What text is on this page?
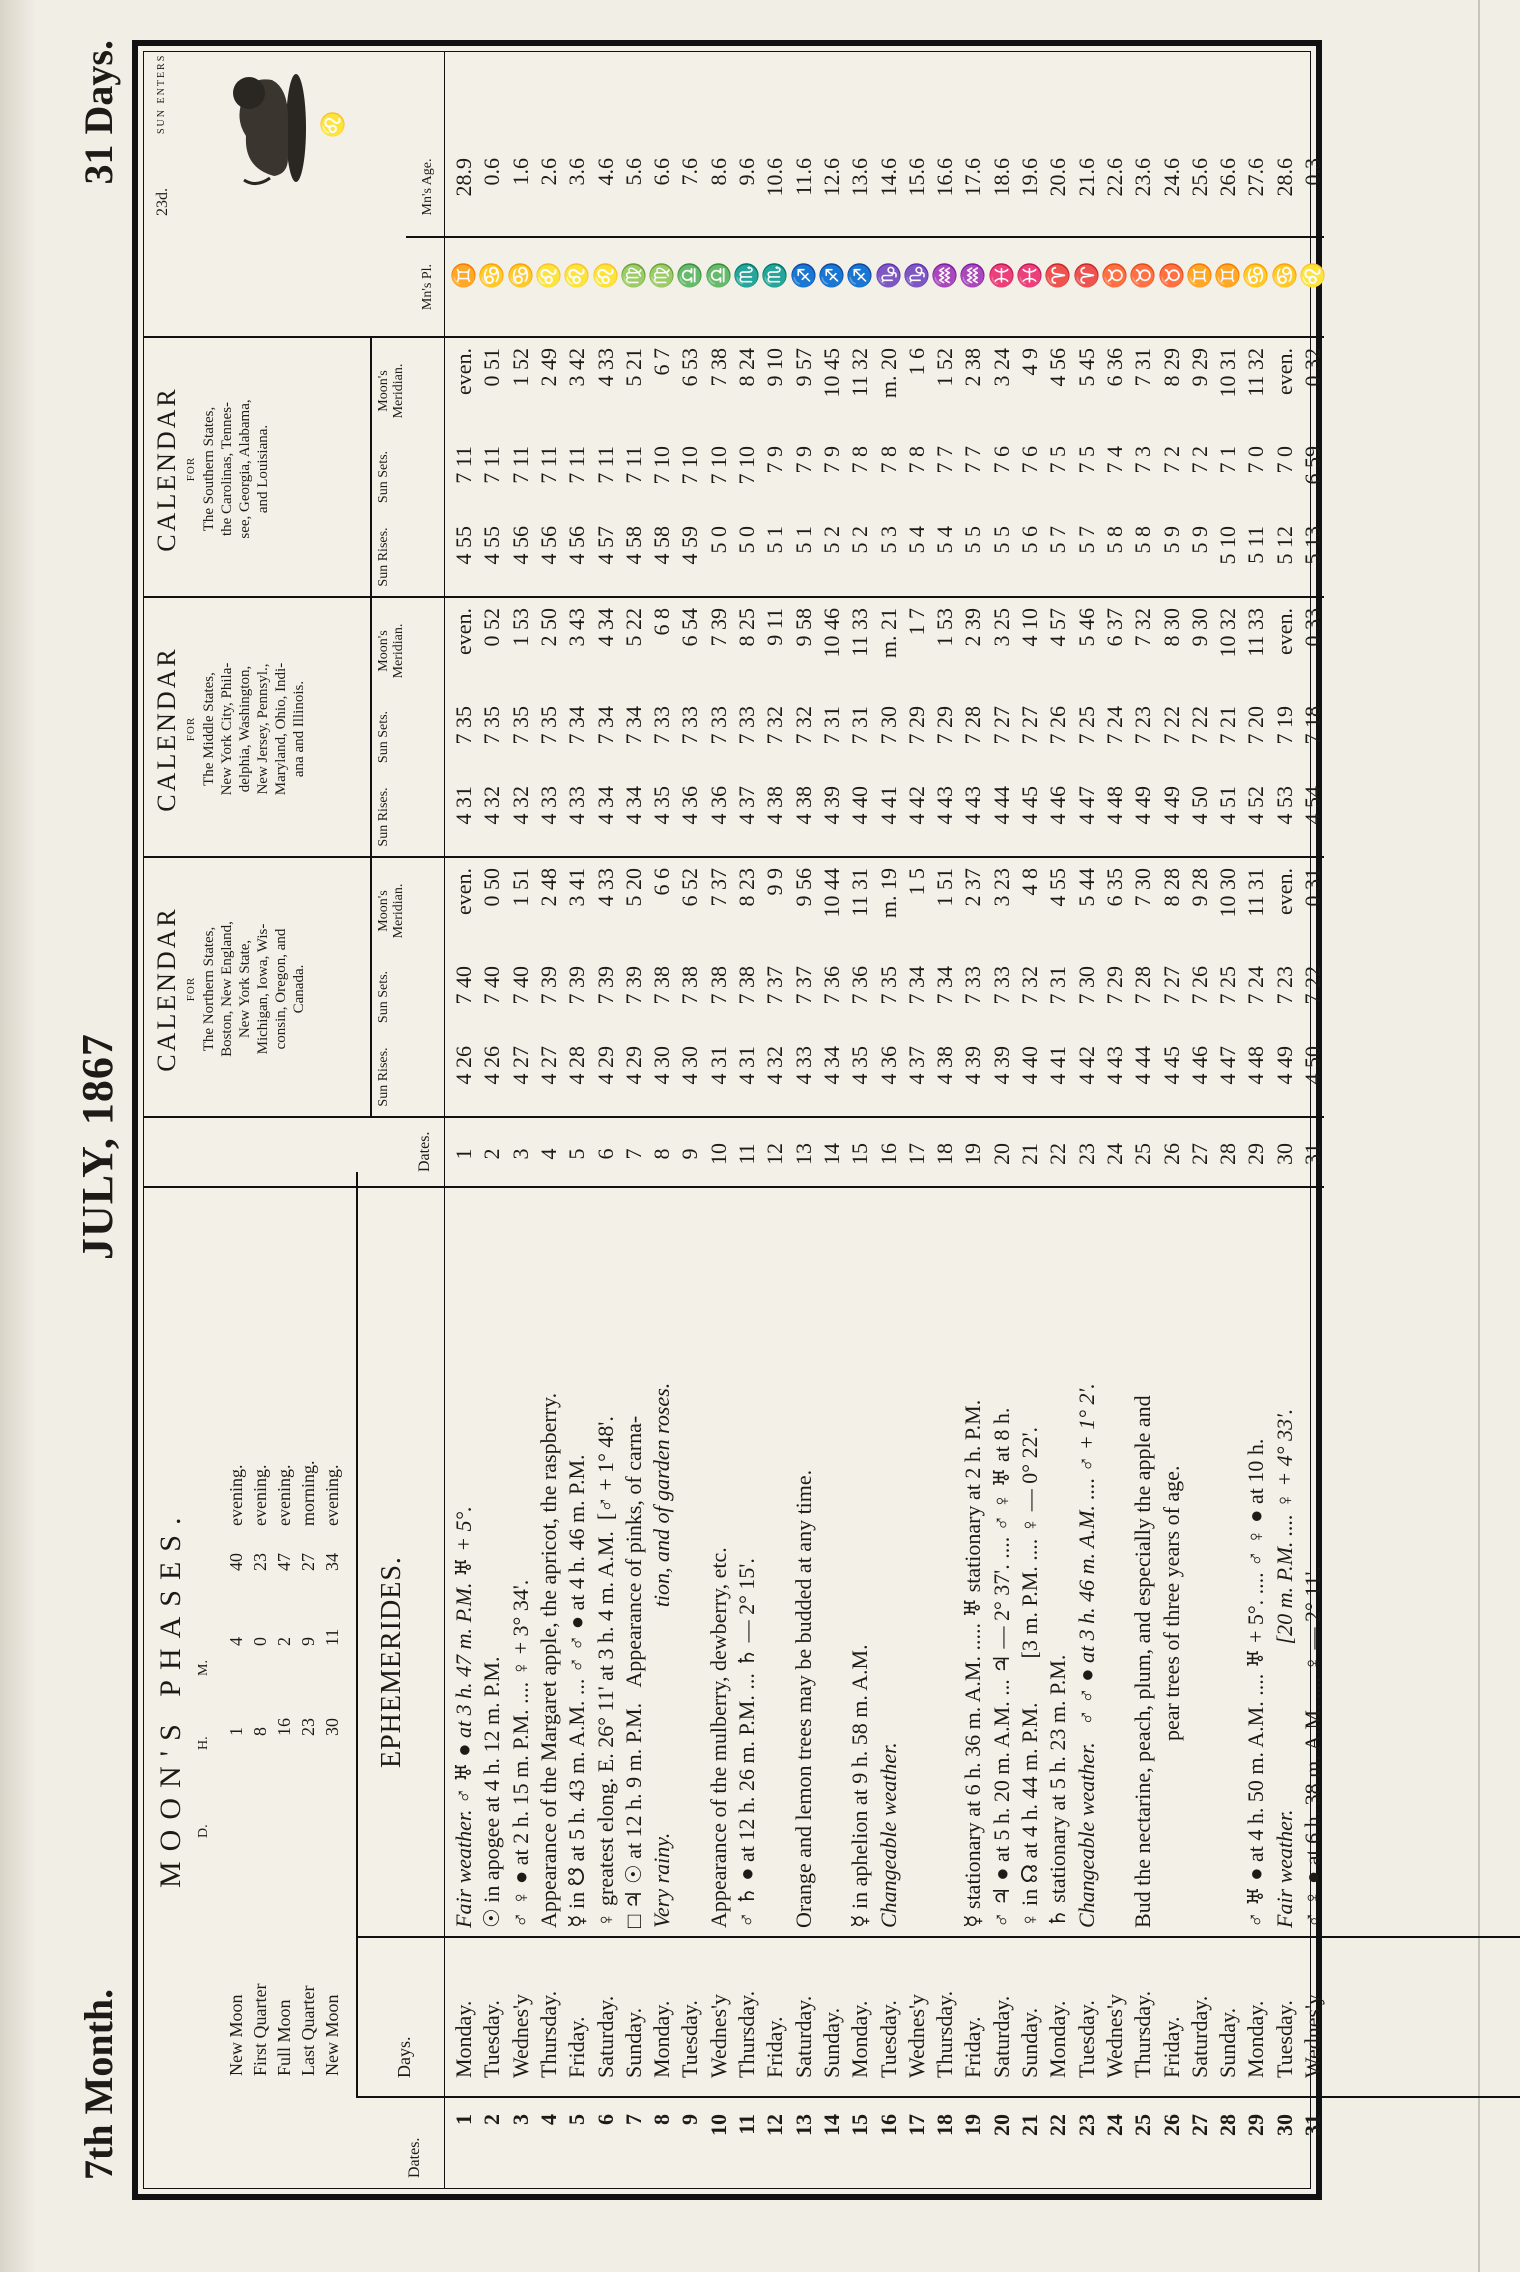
7th Month.
JULY, 1867
31 Days.
MOON'S PHASES. D.
H.
M.
New Moon
1
4
40
evening.
First Quarter
8
0
23
evening.
Full Moon
16
2
47
evening.
Last Quarter
23
9
27
morning.
New Moon
30
11
34
evening.
EPHEMERIDES.
Dates.
Days.
Dates.
CALENDAR FOR The Northern States, Boston, New England, New York State, Michigan, Iowa, Wis- consin, Oregon, and Canada.
CALENDAR FOR The Middle States, New York City, Phila- delphia, Washington, New Jersey, Pennsyl., Maryland, Ohio, Indi- ana and Illinois.
CALENDAR FOR The Southern States, the Carolinas, Tennes- see, Georgia, Alabama, and Louisiana.
Sun Rises.
Sun Sets.
Moon's Meridian.
Sun Rises.
Sun Sets.
Moon's Meridian.
Sun Rises.
Sun Sets.
Moon's Meridian.
Mn's Pl.
Mn's Age.
23d.
SUN ENTERS	♌
1
Monday.
Fair weather. ♂ ♅ ● at 3 h. 47 m. P.M. ♅ + 5°.
1
4 26
7 40
even.
4 31
7 35
even.
4 55
7 11
even.
♊
28.9
2
Tuesday.
☉ in apogee at 4 h. 12 m. P.M.
2
4 26
7 40
0 50
4 32
7 35
0 52
4 55
7 11
0 51
♋
0.6
3
Wednes'y
♂ ♀ ● at 2 h. 15 m. P.M. .... ♀ + 3° 34'.
3
4 27
7 40
1 51
4 32
7 35
1 53
4 56
7 11
1 52
♋
1.6
4
Thursday.
Appearance of the Margaret apple, the apricot, the raspberry.
4
4 27
7 39
2 48
4 33
7 35
2 50
4 56
7 11
2 49
♌
2.6
5
Friday.
☿ in ☋ at 5 h. 43 m. A.M. ... ♂ ♂ ● at 4 h. 46 m. P.M.
5
4 28
7 39
3 41
4 33
7 34
3 43
4 56
7 11
3 42
♌
3.6
6
Saturday.
♀ greatest elong. E. 26° 11' at 3 h. 4 m. A.M.  [♂ + 1° 48'.
6
4 29
7 39
4 33
4 34
7 34
4 34
4 57
7 11
4 33
♌
4.6
7
Sunday.
□ ♃ ☉ at 12 h. 9 m. P.M.   Appearance of pinks, of carna-
7
4 29
7 39
5 20
4 34
7 34
5 22
4 58
7 11
5 21
♍
5.6
8
Monday.
Very rainy.                                         tion, and of garden roses.
8
4 30
7 38
6 6
4 35
7 33
6 8
4 58
7 10
6 7
♍
6.6
9
Tuesday.
9
4 30
7 38
6 52
4 36
7 33
6 54
4 59
7 10
6 53
♎
7.6
10
Wednes'y
Appearance of the mulberry, dewberry, etc.
10
4 31
7 38
7 37
4 36
7 33
7 39
5 0
7 10
7 38
♎
8.6
11
Thursday.
♂ ♄ ● at 12 h. 26 m. P.M. ... ♄ — 2° 15'.
11
4 31
7 38
8 23
4 37
7 33
8 25
5 0
7 10
8 24
♏
9.6
12
Friday.
12
4 32
7 37
9 9
4 38
7 32
9 11
5 1
7 9
9 10
♏
10.6
13
Saturday.
Orange and lemon trees may be budded at any time.
13
4 33
7 37
9 56
4 38
7 32
9 58
5 1
7 9
9 57
♐
11.6
14
Sunday.
14
4 34
7 36
10 44
4 39
7 31
10 46
5 2
7 9
10 45
♐
12.6
15
Monday.
☿ in aphelion at 9 h. 58 m. A.M.
15
4 35
7 36
11 31
4 40
7 31
11 33
5 2
7 8
11 32
♐
13.6
16
Tuesday.
Changeable weather.
16
4 36
7 35
m. 19
4 41
7 30
m. 21
5 3
7 8
m. 20
♑
14.6
17
Wednes'y
17
4 37
7 34
1 5
4 42
7 29
1 7
5 4
7 8
1 6
♑
15.6
18
Thursday.
18
4 38
7 34
1 51
4 43
7 29
1 53
5 4
7 7
1 52
♒
16.6
19
Friday.
☿ stationary at 6 h. 36 m. A.M. ..... ♅ stationary at 2 h. P.M.
19
4 39
7 33
2 37
4 43
7 28
2 39
5 5
7 7
2 38
♒
17.6
20
Saturday.
♂ ♃ ● at 5 h. 20 m. A.M. ... ♃ — 2° 37'. .... ♂ ♀ ♅ at 8 h.
20
4 39
7 33
3 23
4 44
7 27
3 25
5 5
7 6
3 24
♓
18.6
21
Sunday.
♀ in ☊ at 4 h. 44 m. P.M.        [3 m. P.M. .... ♀ — 0° 22'.
21
4 40
7 32
4 8
4 45
7 27
4 10
5 6
7 6
4 9
♓
19.6
22
Monday.
♄ stationary at 5 h. 23 m. P.M.
22
4 41
7 31
4 55
4 46
7 26
4 57
5 7
7 5
4 56
♈
20.6
23
Tuesday.
Changeable weather.   ♂ ♂ ● at 3 h. 46 m. A.M. .... ♂ + 1° 2'.
23
4 42
7 30
5 44
4 47
7 25
5 46
5 7
7 5
5 45
♈
21.6
24
Wednes'y
24
4 43
7 29
6 35
4 48
7 24
6 37
5 8
7 4
6 36
♉
22.6
25
Thursday.
Bud the nectarine, peach, plum, and especially the apple and
25
4 44
7 28
7 30
4 49
7 23
7 32
5 8
7 3
7 31
♉
23.6
26
Friday.
pear trees of three years of age.
26
4 45
7 27
8 28
4 49
7 22
8 30
5 9
7 2
8 29
♉
24.6
27
Saturday.
27
4 46
7 26
9 28
4 50
7 22
9 30
5 9
7 2
9 29
♊
25.6
28
Sunday.
28
4 47
7 25
10 30
4 51
7 21
10 32
5 10
7 1
10 31
♊
26.6
29
Monday.
♂ ♅ ● at 4 h. 50 m. A.M. .... ♅ + 5°. .... ♂ ♀ ● at 10 h.
29
4 48
7 24
11 31
4 52
7 20
11 33
5 11
7 0
11 32
♋
27.6
30
Tuesday.
Fair weather.                              [20 m. P.M. .... ♀ + 4° 33'.
30
4 49
7 23
even.
4 53
7 19
even.
5 12
7 0
even.
♋
28.6
31
Wednes'y
♂ ♀ ● at 6 h. 38 m. A.M. .... ♀ — 2° 11'.
31
4 50
7 22
0 31
4 54
7 18
0 33
5 13
6 59
0 32
♌
0.3
